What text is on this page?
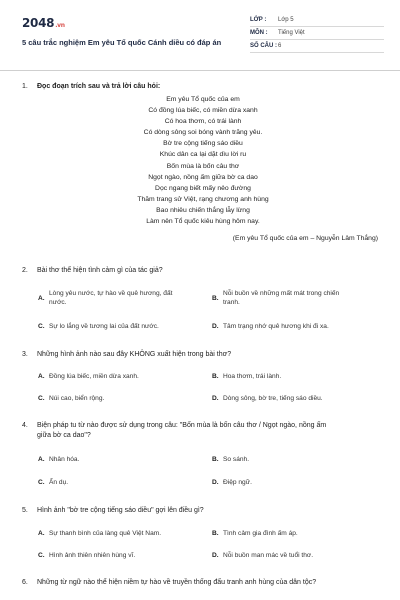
2048.vn
5 câu trắc nghiệm Em yêu Tổ quốc Cánh diều có đáp án
LỚP :	Lớp 5
MÔN :	Tiếng Việt
SỐ CÂU : 6
1.	Đọc đoạn trích sau và trả lời câu hỏi:
Em yêu Tổ quốc của em
Có đồng lúa biếc, có miền dừa xanh
Có hoa thơm, có trái lành
Có dòng sông soi bóng vành trăng yêu.
Bờ tre cộng tiếng sáo diều
Khúc dân ca lại dặt dìu lời ru
Bốn mùa là bốn câu thơ
Ngọt ngào, nồng ấm giữa bờ ca dao
Dọc ngang biết mấy nẻo đường
Thăm trang sử Việt, rạng chương anh hùng
Bao nhiêu chiến thắng lẫy lừng
Làm nên Tổ quốc kiêu hùng hôm nay.
(Em yêu Tổ quốc của em – Nguyễn Lâm Thắng)
2.	Bài thơ thể hiện tình cảm gì của tác giả?
A.
Lòng yêu nước, tự hào về quê hương, đất
nước.
B.
Nỗi buồn về những mất mát trong chiến
tranh.
C. Sự lo lắng về tương lai của đất nước.	D. Tâm trạng nhớ quê hương khi đi xa.
3.	Những hình ảnh nào sau đây KHÔNG xuất hiện trong bài thơ?
A. Đồng lúa biếc, miền dừa xanh.	B. Hoa thơm, trái lành.
C. Núi cao, biển rộng.	D. Dòng sông, bờ tre, tiếng sáo diều.
4.	Biện pháp tu từ nào được sử dụng trong câu: "Bốn mùa là bốn câu thơ / Ngọt ngào, nồng ấm
giữa bờ ca dao"?
A. Nhân hóa.	B. So sánh.
C. Ẩn dụ.	D. Điệp ngữ.
5.	Hình ảnh "bờ tre cộng tiếng sáo diều" gợi lên điều gì?
A. Sự thanh bình của làng quê Việt Nam.	B. Tình cảm gia đình ấm áp.
C. Hình ảnh thiên nhiên hùng vĩ.	D. Nỗi buồn man mác về tuổi thơ.
6.	Những từ ngữ nào thể hiện niềm tự hào về truyền thống đấu tranh anh hùng của dân tộc?
